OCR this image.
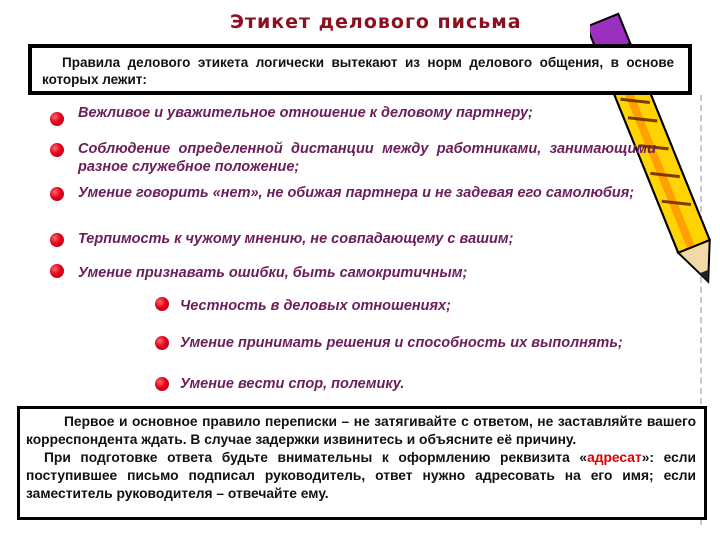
Этикет делового письма
Правила делового этикета логически вытекают из норм делового общения, в основе которых лежит:
Вежливое и уважительное отношение к деловому партнеру;
Соблюдение определенной дистанции между работниками, занимающими разное служебное положение;
Умение говорить «нет», не обижая партнера и не задевая его самолюбия;
Терпимость к чужому мнению, не совпадающему с вашим;
Умение признавать ошибки, быть самокритичным;
Честность в деловых отношениях;
Умение принимать решения и способность их выполнять;
Умение вести спор, полемику.

Первое и основное правило переписки – не затягивайте с ответом, не заставляйте вашего корреспондента ждать. В случае задержки извинитесь и объясните её причину.

При подготовке ответа будьте внимательны к оформлению реквизита «адресат»: если поступившее письмо подписал руководитель, ответ нужно адресовать на его имя; если заместитель руководителя – отвечайте ему.
